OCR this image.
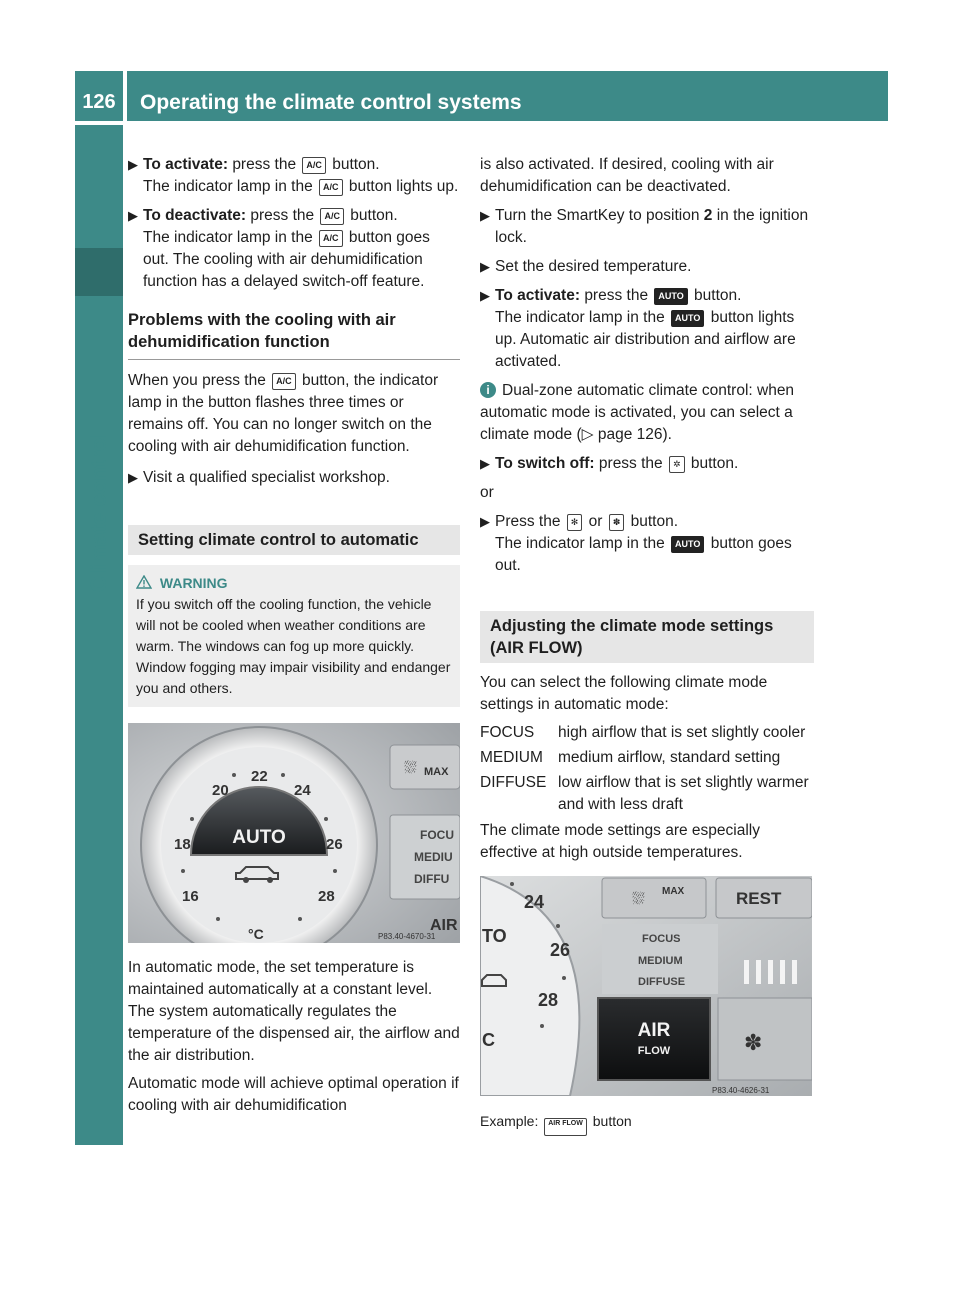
126	Operating the climate control systems
Climate control
▶ To activate: press the A/C button.
The indicator lamp in the A/C button lights up.
▶ To deactivate: press the A/C button.
The indicator lamp in the A/C button goes out. The cooling with air dehumidification function has a delayed switch-off feature.
Problems with the cooling with air dehumidification function

When you press the A/C button, the indicator lamp in the button flashes three times or remains off. You can no longer switch on the cooling with air dehumidification function.

▶ Visit a qualified specialist workshop.
Setting climate control to automatic
WARNING
If you switch off the cooling function, the vehicle will not be cooled when weather conditions are warm. The windows can fog up more quickly. Window fogging may impair visibility and endanger you and others.
AUTO
20
22
24
18	26
16	28
°C
MAX
⛆
FOCU
MEDIU
DIFFU
AIR
P83.40-4670-31

In automatic mode, the set temperature is maintained automatically at a constant level. The system automatically regulates the temperature of the dispensed air, the airflow and the air distribution.

Automatic mode will achieve optimal operation if cooling with air dehumidification

is also activated. If desired, cooling with air dehumidification can be deactivated.

▶ Turn the SmartKey to position 2 in the ignition lock.
▶ Set the desired temperature.
▶ To activate: press the AUTO button.
The indicator lamp in the AUTO button lights up. Automatic air distribution and airflow are activated.

i Dual-zone automatic climate control: when automatic mode is activated, you can select a climate mode (▷ page 126).

▶ To switch off: press the ✲ button.

or

▶ Press the ✻ or ✽ button.
The indicator lamp in the AUTO button goes out.
Adjusting the climate mode settings (AIR FLOW)

You can select the following climate mode settings in automatic mode:

FOCUS	high airflow that is set slightly cooler
MEDIUM medium airflow, standard setting
DIFFUSE low airflow that is set slightly warmer and with less draft

The climate mode settings are especially effective at high outside temperatures.

24
26
28
TO
C
⛆ MAX	REST
FOCUS
MEDIUM
DIFFUSE
AIR
FLOW	✽
P83.40-4626-31

Example: AIR FLOW button
